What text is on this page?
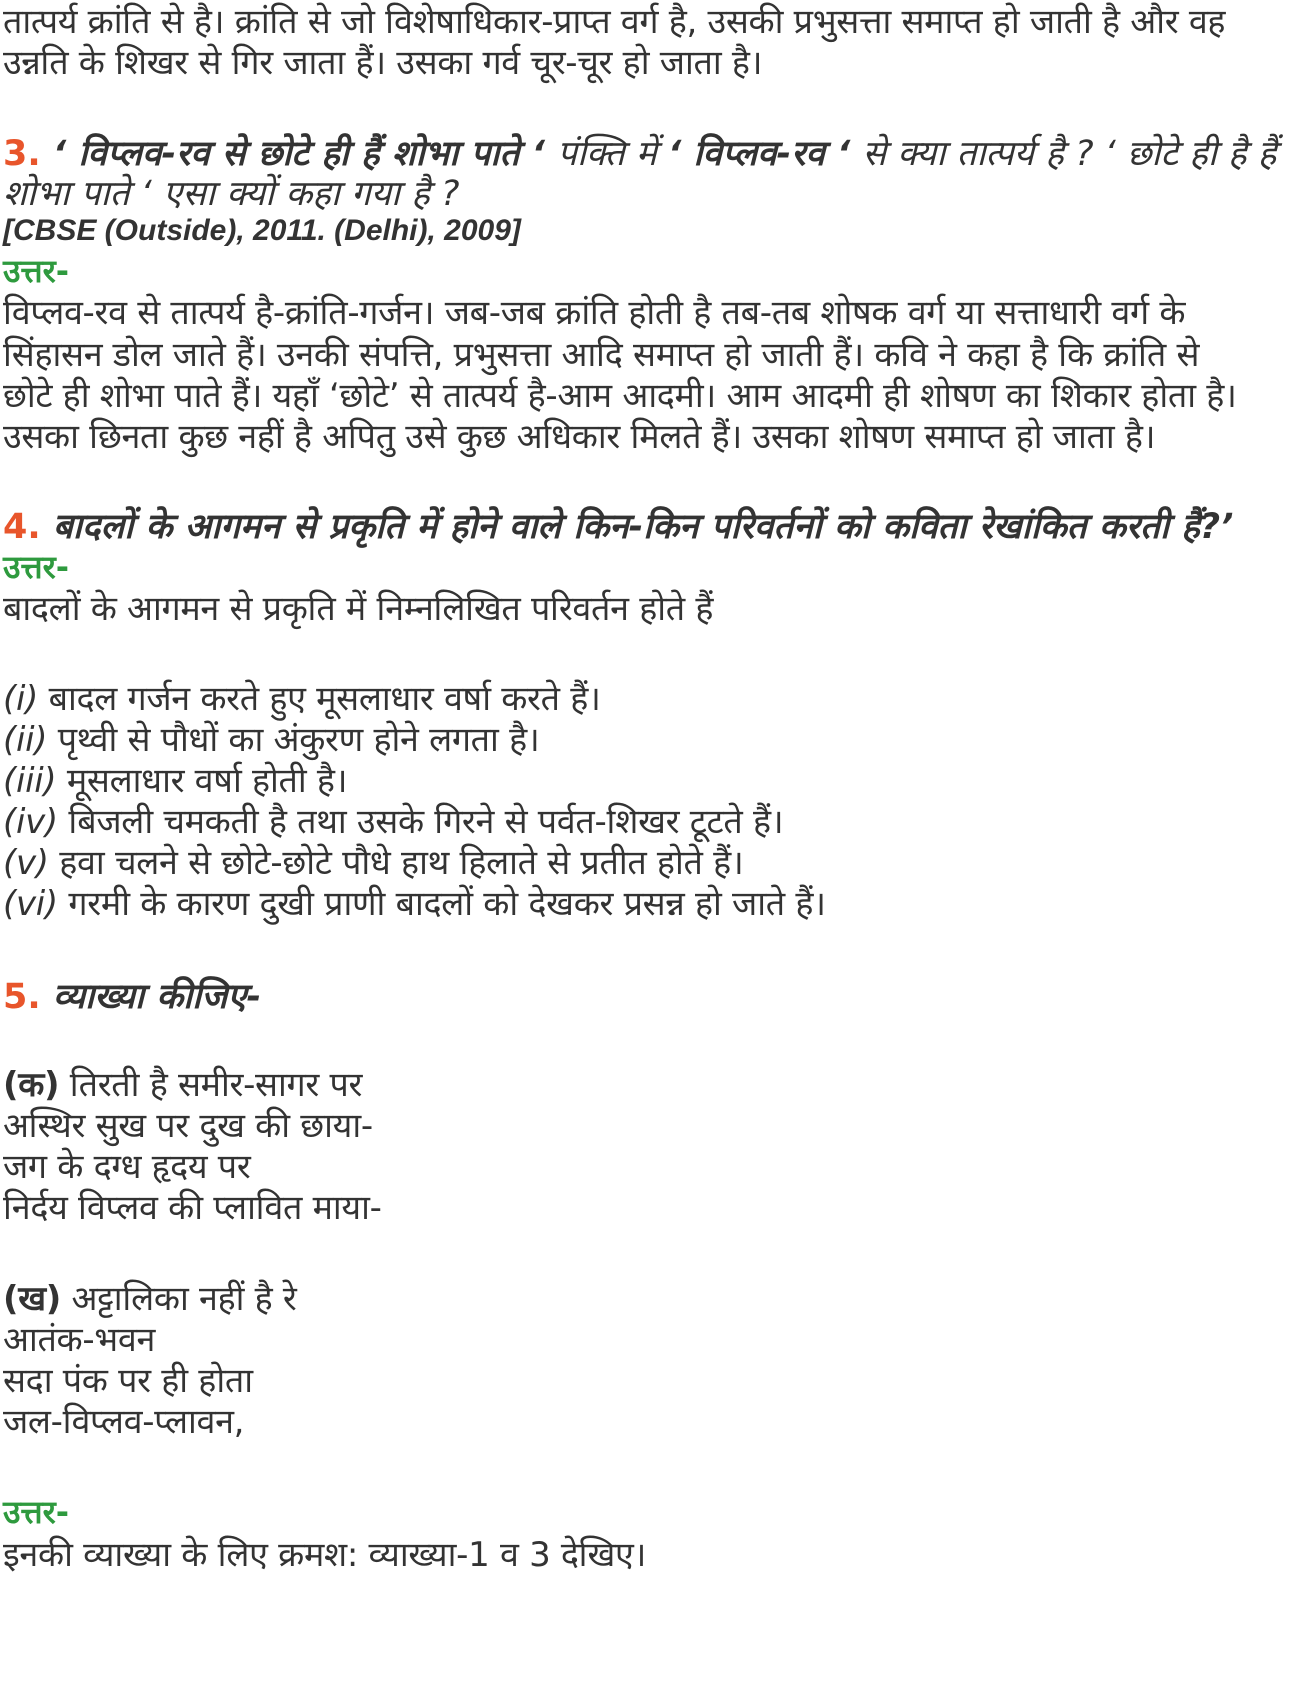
तात्पर्य क्रांति से है। क्रांति से जो विशेषाधिकार-प्राप्त वर्ग है, उसकी प्रभुसत्ता समाप्त हो जाती है और वह
उन्नति के शिखर से गिर जाता हैं। उसका गर्व चूर-चूर हो जाता है।
3. ‘ विप्लव-रव से छोटे ही हैं शोभा पाते ‘ पंक्ति में ‘ विप्लव-रव ‘ से क्या तात्पर्य है ? ‘ छोटे ही है हैं
शोभा पाते ‘ एसा क्यों कहा गया है ?
[CBSE (Outside), 2011. (Delhi), 2009]
उत्तर-
विप्लव-रव से तात्पर्य है-क्रांति-गर्जन। जब-जब क्रांति होती है तब-तब शोषक वर्ग या सत्ताधारी वर्ग के
सिंहासन डोल जाते हैं। उनकी संपत्ति, प्रभुसत्ता आदि समाप्त हो जाती हैं। कवि ने कहा है कि क्रांति से
छोटे ही शोभा पाते हैं। यहाँ ‘छोटे’ से तात्पर्य है-आम आदमी। आम आदमी ही शोषण का शिकार होता है।
उसका छिनता कुछ नहीं है अपितु उसे कुछ अधिकार मिलते हैं। उसका शोषण समाप्त हो जाता है।
4. बादलों के आगमन से प्रकृति में होने वाले किन-किन परिवर्तनों को कविता रेखांकित करती हैं?’
उत्तर-
बादलों के आगमन से प्रकृति में निम्नलिखित परिवर्तन होते हैं
(i) बादल गर्जन करते हुए मूसलाधार वर्षा करते हैं।
(ii) पृथ्वी से पौधों का अंकुरण होने लगता है।
(iii) मूसलाधार वर्षा होती है।
(iv) बिजली चमकती है तथा उसके गिरने से पर्वत-शिखर टूटते हैं।
(v) हवा चलने से छोटे-छोटे पौधे हाथ हिलाते से प्रतीत होते हैं।
(vi) गरमी के कारण दुखी प्राणी बादलों को देखकर प्रसन्न हो जाते हैं।
5. व्याख्या कीजिए-
(क) तिरती है समीर-सागर पर
अस्थिर सुख पर दुख की छाया-
जग के दग्ध हृदय पर
निर्दय विप्लव की प्लावित माया-
(ख) अट्टालिका नहीं है रे
आतंक-भवन
सदा पंक पर ही होता
जल-विप्लव-प्लावन,
उत्तर-
इनकी व्याख्या के लिए क्रमश: व्याख्या-1 व 3 देखिए।
